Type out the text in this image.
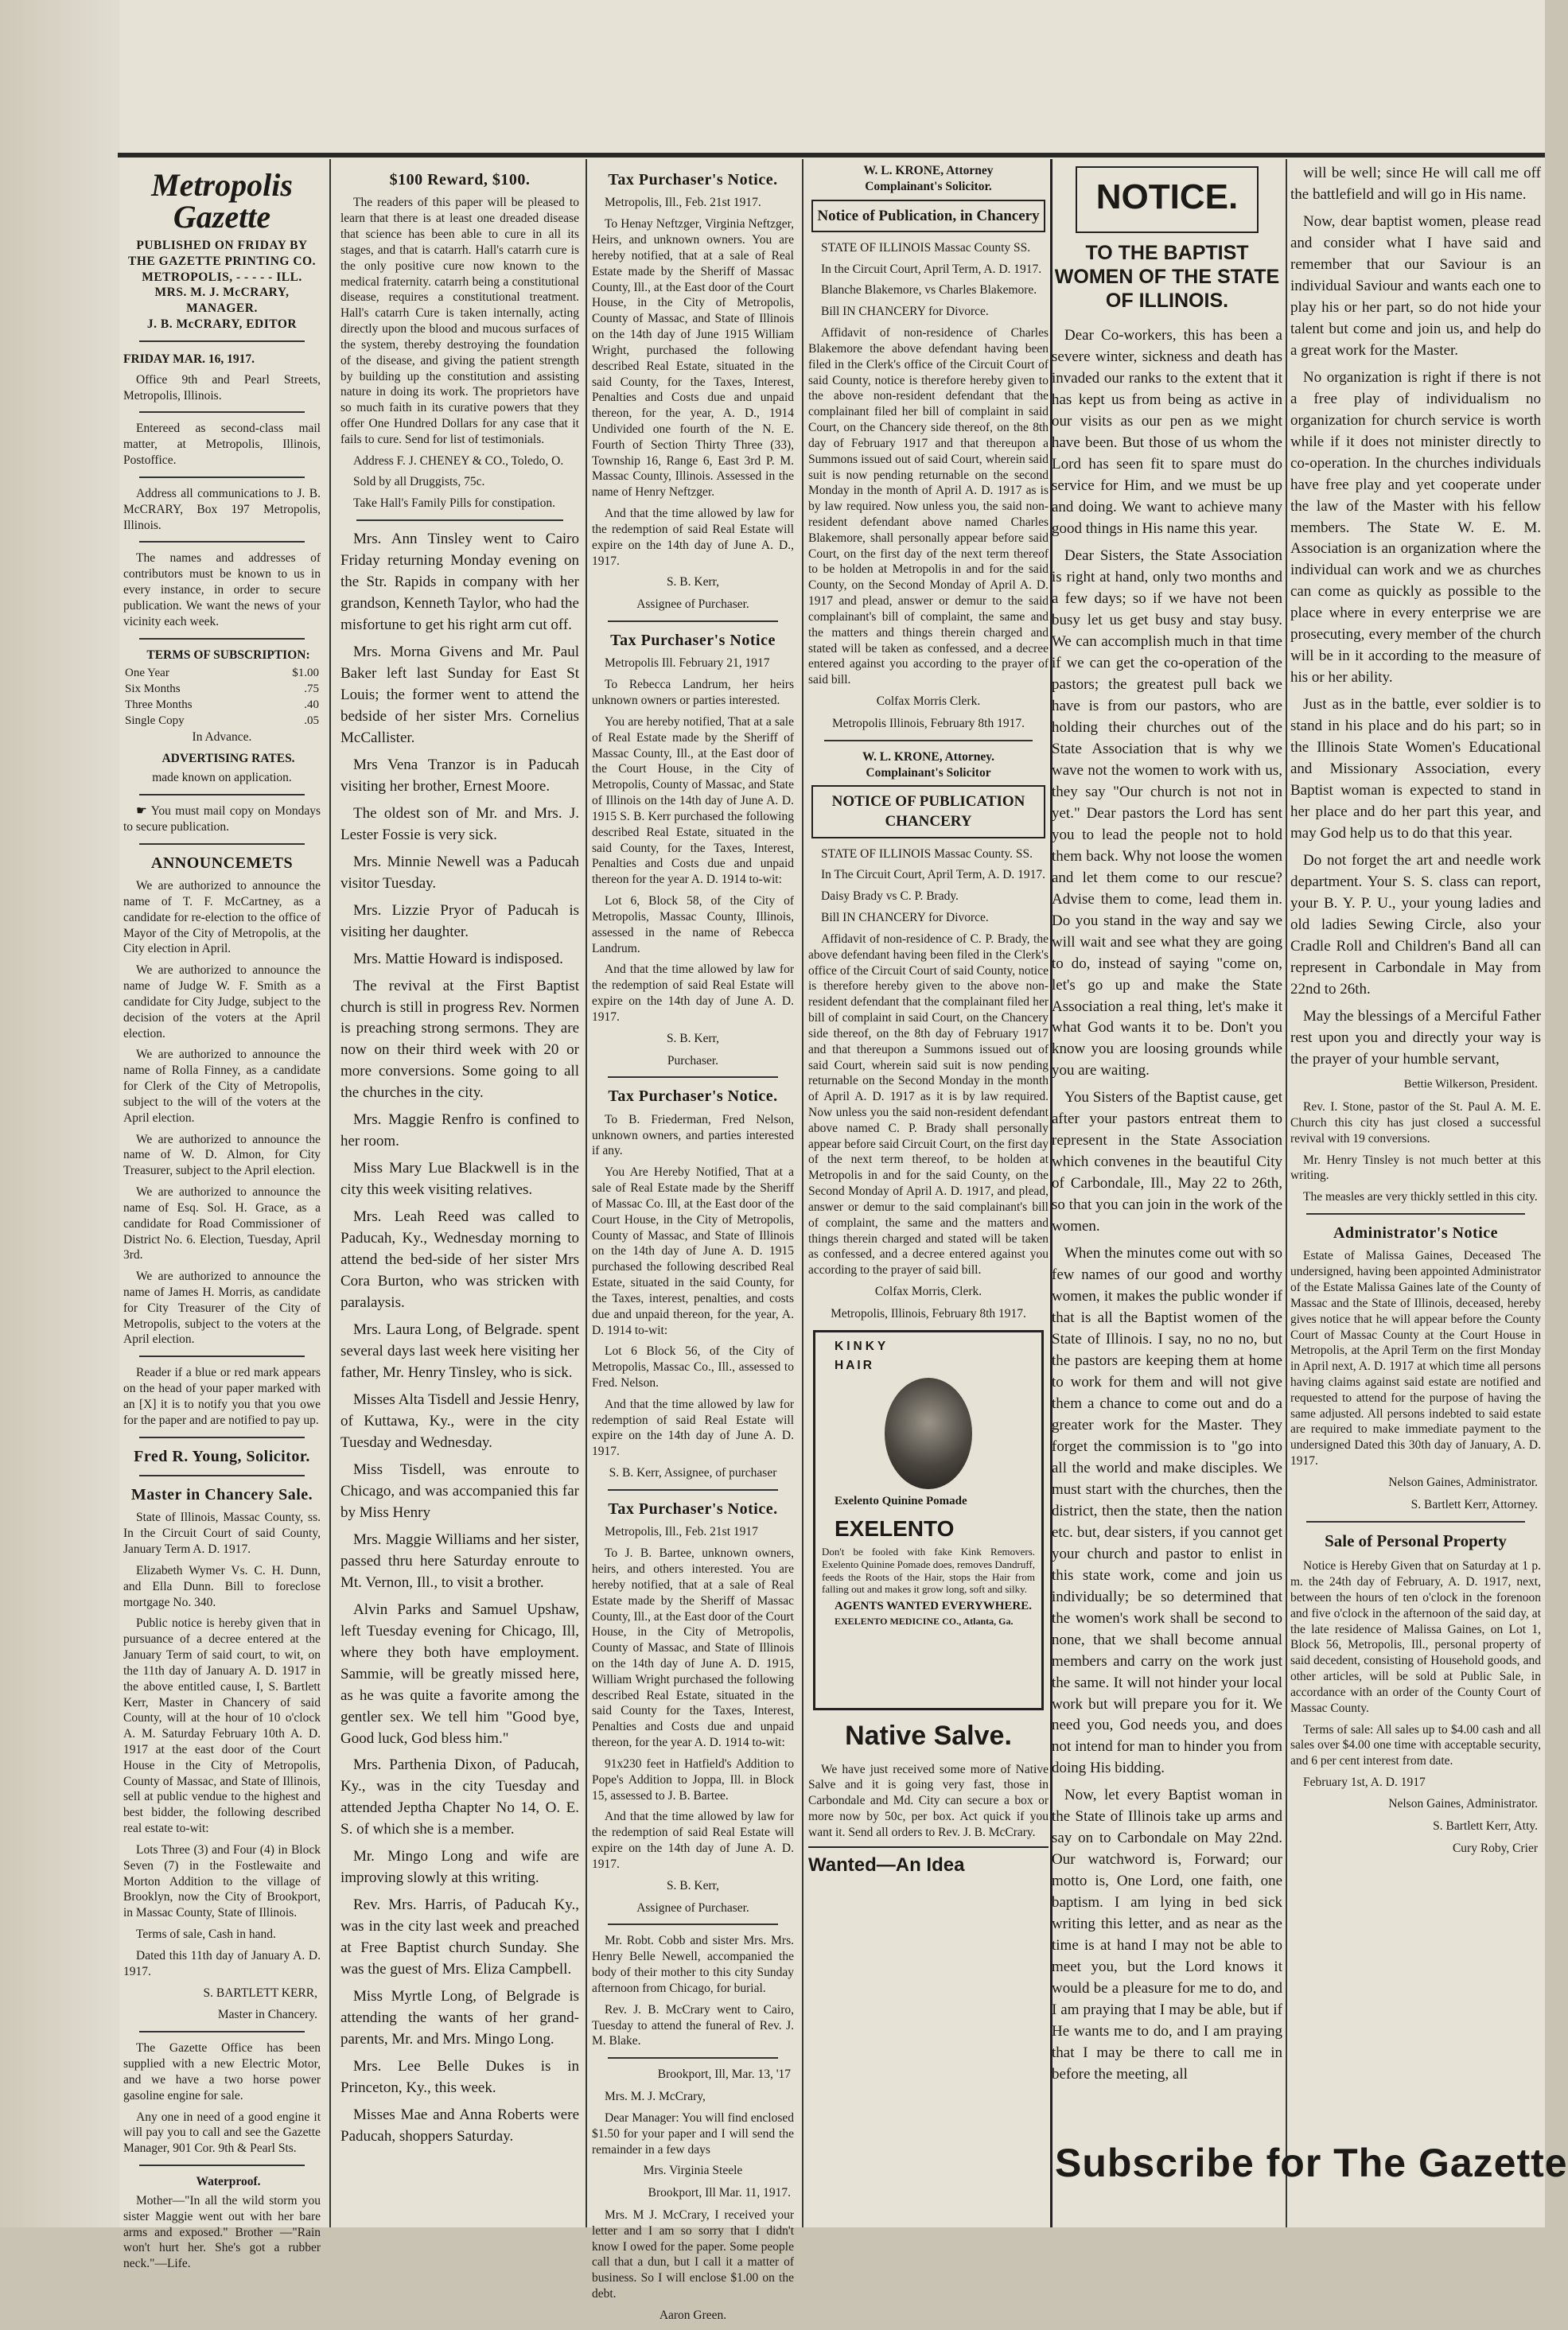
Metropolis Gazette

PUBLISHED ON FRIDAY BY

THE GAZETTE PRINTING CO.

METROPOLIS, - - - - - ILL.

MRS. M. J. McCRARY, MANAGER.

J. B. McCRARY, EDITOR

FRIDAY MAR. 16, 1917.

Office 9th and Pearl Streets, Metropolis, Illinois.

Entereed as second-class mail matter, at Metropolis, Illinois, Postoffice.

Address all communications to J. B. McCRARY, Box 197 Metropolis, Illinois.

The names and addresses of contributors must be known to us in every instance, in order to secure publication. We want the news of your vicinity each week.

TERMS OF SUBSCRIPTION:

One Year	$1.00
Six Months	.75
Three Months	.40
Single Copy	.05

In Advance.

ADVERTISING RATES.

made known on application.

☛ You must mail copy on Mondays to secure publication.

ANNOUNCEMETS

We are authorized to announce the name of T. F. McCartney, as a candidate for re-election to the office of Mayor of the City of Metropolis, at the City election in April.

We are authorized to announce the name of Judge W. F. Smith as a candidate for City Judge, subject to the decision of the voters at the April election.

We are authorized to announce the name of Rolla Finney, as a candidate for Clerk of the City of Metropolis, subject to the will of the voters at the April election.

We are authorized to announce the name of W. D. Almon, for City Treasurer, subject to the April election.

We are authorized to announce the name of Esq. Sol. H. Grace, as a candidate for Road Commissioner of District No. 6. Election, Tuesday, April 3rd.

We are authorized to announce the name of James H. Morris, as candidate for City Treasurer of the City of Metropolis, subject to the voters at the April election.

Reader if a blue or red mark appears on the head of your paper marked with an [X] it is to notify you that you owe for the paper and are notified to pay up.

Fred R. Young, Solicitor.
Master in Chancery Sale.

State of Illinois, Massac County, ss. In the Circuit Court of said County, January Term A. D. 1917.

Elizabeth Wymer Vs. C. H. Dunn, and Ella Dunn. Bill to foreclose mortgage No. 340.

Public notice is hereby given that in pursuance of a decree entered at the January Term of said court, to wit, on the 11th day of January A. D. 1917 in the above entitled cause, I, S. Bartlett Kerr, Master in Chancery of said County, will at the hour of 10 o'clock A. M. Saturday February 10th A. D. 1917 at the east door of the Court House in the City of Metropolis, County of Massac, and State of Illinois, sell at public vendue to the highest and best bidder, the following described real estate to-wit:

Lots Three (3) and Four (4) in Block Seven (7) in the Fostlewaite and Morton Addition to the village of Brooklyn, now the City of Brookport, in Massac County, State of Illinois.

Terms of sale, Cash in hand.

Dated this 11th day of January A. D. 1917.

S. BARTLETT KERR,

Master in Chancery.

The Gazette Office has been supplied with a new Electric Motor, and we have a two horse power gasoline engine for sale.

Any one in need of a good engine it will pay you to call and see the Gazette Manager, 901 Cor. 9th & Pearl Sts.

Waterproof.

Mother—"In all the wild storm you sister Maggie went out with her bare arms and exposed." Brother —"Rain won't hurt her. She's got a rubber neck."—Life.

$100 Reward, $100.

The readers of this paper will be pleased to learn that there is at least one dreaded disease that science has been able to cure in all its stages, and that is catarrh. Hall's catarrh cure is the only positive cure now known to the medical fraternity. catarrh being a constitutional disease, requires a constitutional treatment. Hall's catarrh Cure is taken internally, acting directly upon the blood and mucous surfaces of the system, thereby destroying the foundation of the disease, and giving the patient strength by building up the constitution and assisting nature in doing its work. The proprietors have so much faith in its curative powers that they offer One Hundred Dollars for any case that it fails to cure. Send for list of testimonials.

Address F. J. CHENEY & CO., Toledo, O.

Sold by all Druggists, 75c.

Take Hall's Family Pills for constipation.

Mrs. Ann Tinsley went to Cairo Friday returning Monday evening on the Str. Rapids in company with her grandson, Kenneth Taylor, who had the misfortune to get his right arm cut off.

Mrs. Morna Givens and Mr. Paul Baker left last Sunday for East St Louis; the former went to attend the bedside of her sister Mrs. Cornelius McCallister.

Mrs Vena Tranzor is in Paducah visiting her brother, Ernest Moore.

The oldest son of Mr. and Mrs. J. Lester Fossie is very sick.

Mrs. Minnie Newell was a Paducah visitor Tuesday.

Mrs. Lizzie Pryor of Paducah is visiting her daughter.

Mrs. Mattie Howard is indisposed.

The revival at the First Baptist church is still in progress Rev. Normen is preaching strong sermons. They are now on their third week with 20 or more conversions. Some going to all the churches in the city.

Mrs. Maggie Renfro is confined to her room.

Miss Mary Lue Blackwell is in the city this week visiting relatives.

Mrs. Leah Reed was called to Paducah, Ky., Wednesday morning to attend the bed-side of her sister Mrs Cora Burton, who was stricken with paralaysis.

Mrs. Laura Long, of Belgrade. spent several days last week here visiting her father, Mr. Henry Tinsley, who is sick.

Misses Alta Tisdell and Jessie Henry, of Kuttawa, Ky., were in the city Tuesday and Wednesday.

Miss Tisdell, was enroute to Chicago, and was accompanied this far by Miss Henry

Mrs. Maggie Williams and her sister, passed thru here Saturday enroute to Mt. Vernon, Ill., to visit a brother.

Alvin Parks and Samuel Upshaw, left Tuesday evening for Chicago, Ill, where they both have employment. Sammie, will be greatly missed here, as he was quite a favorite among the gentler sex. We tell him "Good bye, Good luck, God bless him."

Mrs. Parthenia Dixon, of Paducah, Ky., was in the city Tuesday and attended Jeptha Chapter No 14, O. E. S. of which she is a member.

Mr. Mingo Long and wife are improving slowly at this writing.

Rev. Mrs. Harris, of Paducah Ky., was in the city last week and preached at Free Baptist church Sunday. She was the guest of Mrs. Eliza Campbell.

Miss Myrtle Long, of Belgrade is attending the wants of her grand-parents, Mr. and Mrs. Mingo Long.

Mrs. Lee Belle Dukes is in Princeton, Ky., this week.

Misses Mae and Anna Roberts were Paducah, shoppers Saturday.

Tax Purchaser's Notice.

Metropolis, Ill., Feb. 21st 1917.

To Henay Neftzger, Virginia Neftzger, Heirs, and unknown owners. You are hereby notified, that at a sale of Real Estate made by the Sheriff of Massac County, Ill., at the East door of the Court House, in the City of Metropolis, County of Massac, and State of Illinois on the 14th day of June 1915 William Wright, purchased the following described Real Estate, situated in the said County, for the Taxes, Interest, Penalties and Costs due and unpaid thereon, for the year, A. D., 1914 Undivided one fourth of the N. E. Fourth of Section Thirty Three (33), Township 16, Range 6, East 3rd P. M. Massac County, Illinois. Assessed in the name of Henry Neftzger.

And that the time allowed by law for the redemption of said Real Estate will expire on the 14th day of June A. D., 1917.

S. B. Kerr,

Assignee of Purchaser.

Tax Purchaser's Notice

Metropolis Ill. February 21, 1917

To Rebecca Landrum, her heirs unknown owners or parties interested.

You are hereby notified, That at a sale of Real Estate made by the Sheriff of Massac County, Ill., at the East door of the Court House, in the City of Metropolis, County of Massac, and State of Illinois on the 14th day of June A. D. 1915 S. B. Kerr purchased the following described Real Estate, situated in the said County, for the Taxes, Interest, Penalties and Costs due and unpaid thereon for the year A. D. 1914 to-wit:

Lot 6, Block 58, of the City of Metropolis, Massac County, Illinois, assessed in the name of Rebecca Landrum.

And that the time allowed by law for the redemption of said Real Estate will expire on the 14th day of June A. D. 1917.

S. B. Kerr,

Purchaser.

Tax Purchaser's Notice.

To B. Friederman, Fred Nelson, unknown owners, and parties interested if any.

You Are Hereby Notified, That at a sale of Real Estate made by the Sheriff of Massac Co. Ill, at the East door of the Court House, in the City of Metropolis, County of Massac, and State of Illinois on the 14th day of June A. D. 1915 purchased the following described Real Estate, situated in the said County, for the Taxes, interest, penalties, and costs due and unpaid thereon, for the year, A. D. 1914 to-wit:

Lot 6 Block 56, of the City of Metropolis, Massac Co., Ill., assessed to Fred. Nelson.

And that the time allowed by law for redemption of said Real Estate will expire on the 14th day of June A. D. 1917.

S. B. Kerr, Assignee, of purchaser

Tax Purchaser's Notice.

Metropolis, Ill., Feb. 21st 1917

To J. B. Bartee, unknown owners, heirs, and others interested. You are hereby notified, that at a sale of Real Estate made by the Sheriff of Massac County, Ill., at the East door of the Court House, in the City of Metropolis, County of Massac, and State of Illinois on the 14th day of June A. D. 1915, William Wright purchased the following described Real Estate, situated in the said County for the Taxes, Interest, Penalties and Costs due and unpaid thereon, for the year A. D. 1914 to-wit:

91x230 feet in Hatfield's Addition to Pope's Addition to Joppa, Ill. in Block 15, assessed to J. B. Bartee.

And that the time allowed by law for the redemption of said Real Estate will expire on the 14th day of June A. D. 1917.

S. B. Kerr,

Assignee of Purchaser.

Mr. Robt. Cobb and sister Mrs. Mrs. Henry Belle Newell, accompanied the body of their mother to this city Sunday afternoon from Chicago, for burial.

Rev. J. B. McCrary went to Cairo, Tuesday to attend the funeral of Rev. J. M. Blake.

Brookport, Ill, Mar. 13, '17

Mrs. M. J. McCrary,

Dear Manager: You will find enclosed $1.50 for your paper and I will send the remainder in a few days

Mrs. Virginia Steele

Brookport, Ill Mar. 11, 1917.

Mrs. M J. McCrary, I received your letter and I am so sorry that I didn't know I owed for the paper. Some people call that a dun, but I call it a matter of business. So I will enclose $1.00 on the debt.

Aaron Green.

W. L. KRONE, Attorney

Complainant's Solicitor.

Notice of Publication, in Chancery

STATE OF ILLINOIS Massac County SS.

In the Circuit Court, April Term, A. D. 1917.

Blanche Blakemore, vs Charles Blakemore.

Bill IN CHANCERY for Divorce.

Affidavit of non-residence of Charles Blakemore the above defendant having been filed in the Clerk's office of the Circuit Court of said County, notice is therefore hereby given to the above non-resident defendant that the complainant filed her bill of complaint in said Court, on the Chancery side thereof, on the 8th day of February 1917 and that thereupon a Summons issued out of said Court, wherein said suit is now pending returnable on the second Monday in the month of April A. D. 1917 as is by law required. Now unless you, the said non-resident defendant above named Charles Blakemore, shall personally appear before said Court, on the first day of the next term thereof to be holden at Metropolis in and for the said County, on the Second Monday of April A. D. 1917 and plead, answer or demur to the said complainant's bill of complaint, the same and the matters and things therein charged and stated will be taken as confessed, and a decree entered against you according to the prayer of said bill.

Colfax Morris Clerk.

Metropolis Illinois, February 8th 1917.

W. L. KRONE, Attorney.

Complainant's Solicitor

NOTICE OF PUBLICATION CHANCERY

STATE OF ILLINOIS Massac County. SS.

In The Circuit Court, April Term, A. D. 1917.

Daisy Brady vs C. P. Brady.

Bill IN CHANCERY for Divorce.

Affidavit of non-residence of C. P. Brady, the above defendant having been filed in the Clerk's office of the Circuit Court of said County, notice is therefore hereby given to the above non-resident defendant that the complainant filed her bill of complaint in said Court, on the Chancery side thereof, on the 8th day of February 1917 and that thereupon a Summons issued out of said Court, wherein said suit is now pending returnable on the Second Monday in the month of April A. D. 1917 as it is by law required. Now unless you the said non-resident defendant above named C. P. Brady shall personally appear before said Circuit Court, on the first day of the next term thereof, to be holden at Metropolis in and for the said County, on the Second Monday of April A. D. 1917, and plead, answer or demur to the said complainant's bill of complaint, the same and the matters and things therein charged and stated will be taken as confessed, and a decree entered against you according to the prayer of said bill.

Colfax Morris, Clerk.

Metropolis, Illinois, February 8th 1917.

KINKY

HAIR

Exelento Quinine Pomade

EXELENTO

Don't be fooled with fake Kink Removers. Exelento Quinine Pomade does, removes Dandruff, feeds the Roots of the Hair, stops the Hair from falling out and makes it grow long, soft and silky.

AGENTS WANTED EVERYWHERE.

EXELENTO MEDICINE CO., Atlanta, Ga.

Native Salve.

We have just received some more of Native Salve and it is going very fast, those in Carbondale and Md. City can secure a box or more now by 50c, per box. Act quick if you want it. Send all orders to Rev. J. B. McCrary.

Wanted—An Idea
NOTICE.
TO THE BAPTIST WOMEN OF THE STATE OF ILLINOIS.

Dear Co-workers, this has been a severe winter, sickness and death has invaded our ranks to the extent that it has kept us from being as active in our visits as our pen as we might have been. But those of us whom the Lord has seen fit to spare must do service for Him, and we must be up and doing. We want to achieve many good things in His name this year.

Dear Sisters, the State Association is right at hand, only two months and a few days; so if we have not been busy let us get busy and stay busy. We can accomplish much in that time if we can get the co-operation of the pastors; the greatest pull back we have is from our pastors, who are holding their churches out of the State Association that is why we wave not the women to work with us, they say "Our church is not not in yet." Dear pastors the Lord has sent you to lead the people not to hold them back. Why not loose the women and let them come to our rescue? Advise them to come, lead them in. Do you stand in the way and say we will wait and see what they are going to do, instead of saying "come on, let's go up and make the State Association a real thing, let's make it what God wants it to be. Don't you know you are loosing grounds while you are waiting.

You Sisters of the Baptist cause, get after your pastors entreat them to represent in the State Association which convenes in the beautiful City of Carbondale, Ill., May 22 to 26th, so that you can join in the work of the women.

When the minutes come out with so few names of our good and worthy women, it makes the public wonder if that is all the Baptist women of the State of Illinois. I say, no no no, but the pastors are keeping them at home to work for them and will not give them a chance to come out and do a greater work for the Master. They forget the commission is to "go into all the world and make disciples. We must start with the churches, then the district, then the state, then the nation etc. but, dear sisters, if you cannot get your church and pastor to enlist in this state work, come and join us individually; be so determined that the women's work shall be second to none, that we shall become annual members and carry on the work just the same. It will not hinder your local work but will prepare you for it. We need you, God needs you, and does not intend for man to hinder you from doing His bidding.

Now, let every Baptist woman in the State of Illinois take up arms and say on to Carbondale on May 22nd. Our watchword is, Forward; our motto is, One Lord, one faith, one baptism. I am lying in bed sick writing this letter, and as near as the time is at hand I may not be able to meet you, but the Lord knows it would be a pleasure for me to do, and I am praying that I may be able, but if He wants me to do, and I am praying that I may be there to call me in before the meeting, all

will be well; since He will call me off the battlefield and will go in His name.

Now, dear baptist women, please read and consider what I have said and remember that our Saviour is an individual Saviour and wants each one to play his or her part, so do not hide your talent but come and join us, and help do a great work for the Master.

No organization is right if there is not a free play of individualism no organization for church service is worth while if it does not minister directly to co-operation. In the churches individuals have free play and yet cooperate under the law of the Master with his fellow members. The State W. E. M. Association is an organization where the individual can work and we as churches can come as quickly as possible to the place where in every enterprise we are prosecuting, every member of the church will be in it according to the measure of his or her ability.

Just as in the battle, ever soldier is to stand in his place and do his part; so in the Illinois State Women's Educational and Missionary Association, every Baptist woman is expected to stand in her place and do her part this year, and may God help us to do that this year.

Do not forget the art and needle work department. Your S. S. class can report, your B. Y. P. U., your young ladies and old ladies Sewing Circle, also your Cradle Roll and Children's Band all can represent in Carbondale in May from 22nd to 26th.

May the blessings of a Merciful Father rest upon you and directly your way is the prayer of your humble servant,

Bettie Wilkerson, President.

Rev. I. Stone, pastor of the St. Paul A. M. E. Church this city has just closed a successful revival with 19 conversions.

Mr. Henry Tinsley is not much better at this writing.

The measles are very thickly settled in this city.

Administrator's Notice

Estate of Malissa Gaines, Deceased The undersigned, having been appointed Administrator of the Estate Malissa Gaines late of the County of Massac and the State of Illinois, deceased, hereby gives notice that he will appear before the County Court of Massac County at the Court House in Metropolis, at the April Term on the first Monday in April next, A. D. 1917 at which time all persons having claims against said estate are notified and requested to attend for the purpose of having the same adjusted. All persons indebted to said estate are required to make immediate payment to the undersigned Dated this 30th day of January, A. D. 1917.

Nelson Gaines, Administrator.

S. Bartlett Kerr, Attorney.

Sale of Personal Property

Notice is Hereby Given that on Saturday at 1 p. m. the 24th day of February, A. D. 1917, next, between the hours of ten o'clock in the forenoon and five o'clock in the afternoon of the said day, at the late residence of Malissa Gaines, on Lot 1, Block 56, Metropolis, Ill., personal property of said decedent, consisting of Household goods, and other articles, will be sold at Public Sale, in accordance with an order of the County Court of Massac County.

Terms of sale: All sales up to $4.00 cash and all sales over $4.00 one time with acceptable security, and 6 per cent interest from date.

February 1st, A. D. 1917

Nelson Gaines, Administrator.

S. Bartlett Kerr, Atty.

Cury Roby, Crier

Subscribe for The Gazette
